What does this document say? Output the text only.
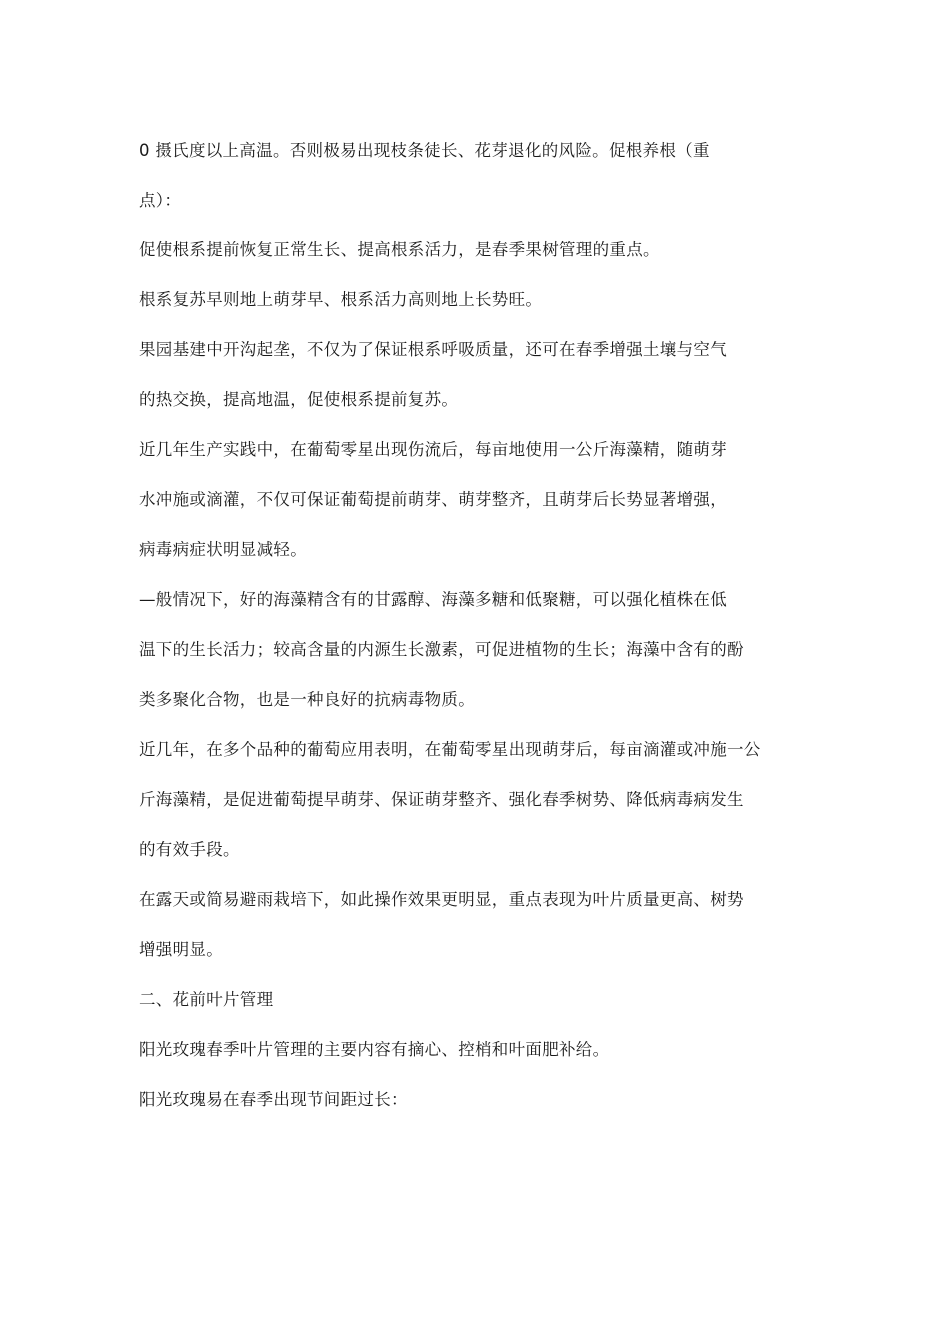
0 摄氏度以上高温。否则极易出现枝条徒长、花芽退化的风险。促根养根（重
点）：
促使根系提前恢复正常生长、提高根系活力，是春季果树管理的重点。
根系复苏早则地上萌芽早、根系活力高则地上长势旺。
果园基建中开沟起垄，不仅为了保证根系呼吸质量，还可在春季增强土壤与空气
的热交换，提高地温，促使根系提前复苏。
近几年生产实践中，在葡萄零星出现伤流后，每亩地使用一公斤海藻精，随萌芽
水冲施或滴灌，不仅可保证葡萄提前萌芽、萌芽整齐，且萌芽后长势显著增强，
病毒病症状明显减轻。
—般情况下，好的海藻精含有的甘露醇、海藻多糖和低聚糖，可以强化植株在低
温下的生长活力；较高含量的内源生长激素，可促进植物的生长；海藻中含有的酚
类多聚化合物，也是一种良好的抗病毒物质。
近几年，在多个品种的葡萄应用表明，在葡萄零星出现萌芽后，每亩滴灌或冲施一公
斤海藻精，是促进葡萄提早萌芽、保证萌芽整齐、强化春季树势、降低病毒病发生
的有效手段。
在露天或简易避雨栽培下，如此操作效果更明显，重点表现为叶片质量更高、树势
增强明显。
二、花前叶片管理
阳光玫瑰春季叶片管理的主要内容有摘心、控梢和叶面肥补给。
阳光玫瑰易在春季出现节间距过长：
